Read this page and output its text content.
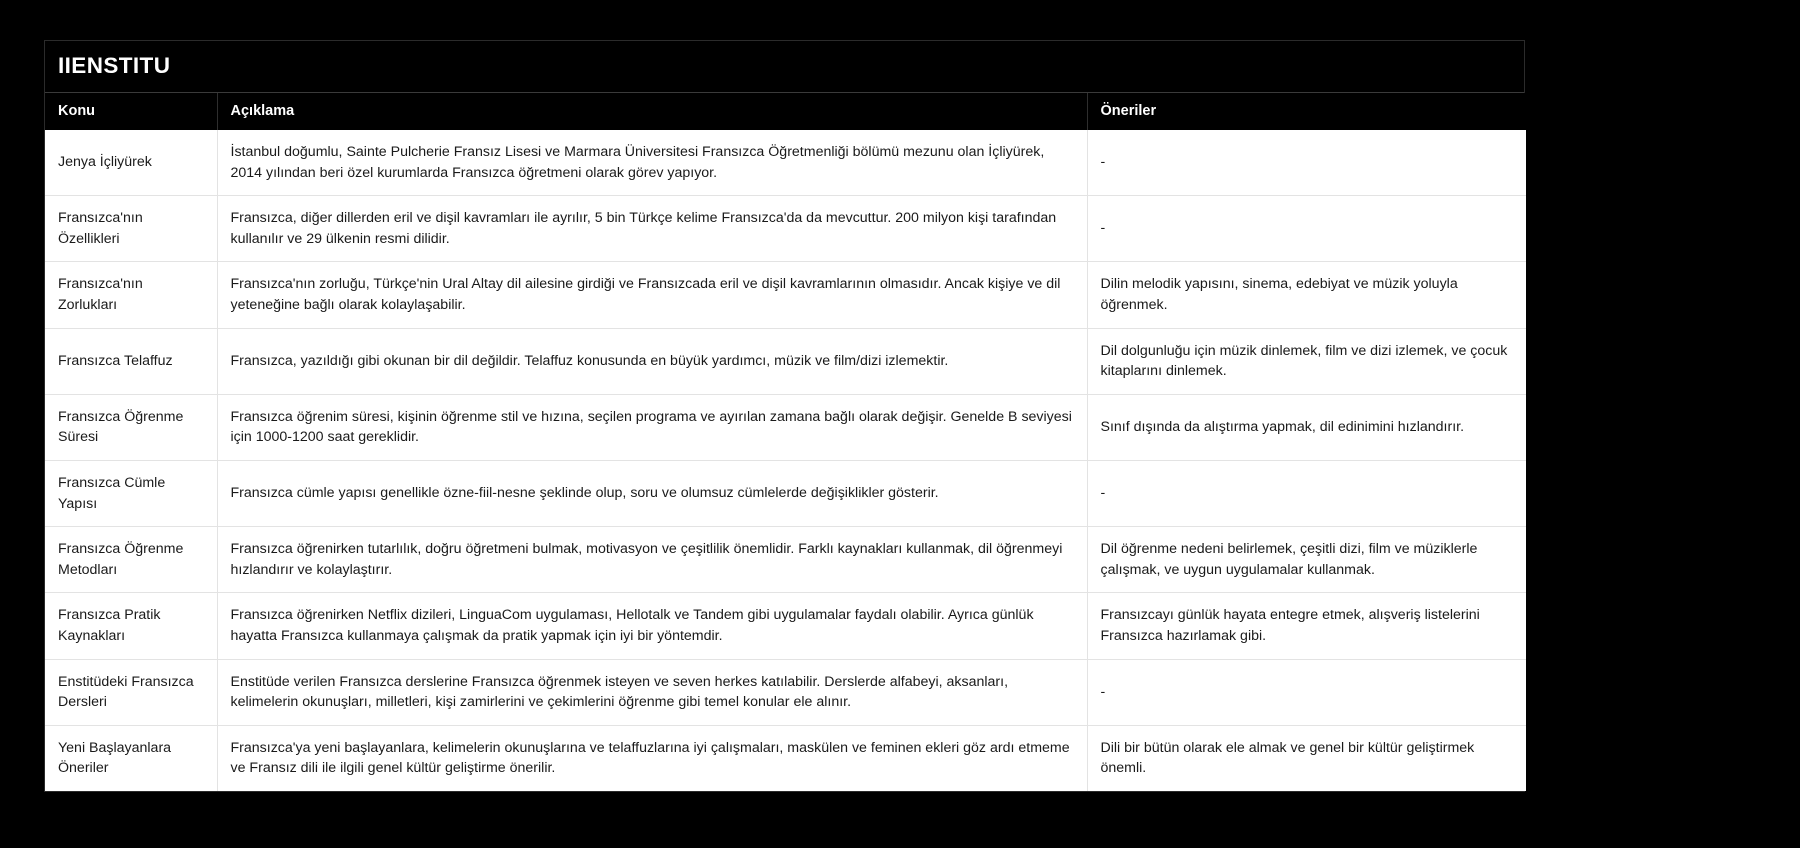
IIENSTITU
Konu	Açıklama	Öneriler
Jenya İçliyürek	İstanbul doğumlu, Sainte Pulcherie Fransız Lisesi ve Marmara Üniversitesi Fransızca Öğretmenliği bölümü mezunu olan İçliyürek, 2014 yılından beri özel kurumlarda Fransızca öğretmeni olarak görev yapıyor.	-
Fransızca'nın Özellikleri	Fransızca, diğer dillerden eril ve dişil kavramları ile ayrılır, 5 bin Türkçe kelime Fransızca'da da mevcuttur. 200 milyon kişi tarafından kullanılır ve 29 ülkenin resmi dilidir.	-
Fransızca'nın Zorlukları	Fransızca'nın zorluğu, Türkçe'nin Ural Altay dil ailesine girdiği ve Fransızcada eril ve dişil kavramlarının olmasıdır. Ancak kişiye ve dil yeteneğine bağlı olarak kolaylaşabilir.	Dilin melodik yapısını, sinema, edebiyat ve müzik yoluyla öğrenmek.
Fransızca Telaffuz	Fransızca, yazıldığı gibi okunan bir dil değildir. Telaffuz konusunda en büyük yardımcı, müzik ve film/dizi izlemektir.	Dil dolgunluğu için müzik dinlemek, film ve dizi izlemek, ve çocuk kitaplarını dinlemek.
Fransızca Öğrenme Süresi	Fransızca öğrenim süresi, kişinin öğrenme stil ve hızına, seçilen programa ve ayırılan zamana bağlı olarak değişir. Genelde B seviyesi için 1000-1200 saat gereklidir.	Sınıf dışında da alıştırma yapmak, dil edinimini hızlandırır.
Fransızca Cümle Yapısı	Fransızca cümle yapısı genellikle özne-fiil-nesne şeklinde olup, soru ve olumsuz cümlelerde değişiklikler gösterir.	-
Fransızca Öğrenme Metodları	Fransızca öğrenirken tutarlılık, doğru öğretmeni bulmak, motivasyon ve çeşitlilik önemlidir. Farklı kaynakları kullanmak, dil öğrenmeyi hızlandırır ve kolaylaştırır.	Dil öğrenme nedeni belirlemek, çeşitli dizi, film ve müziklerle çalışmak, ve uygun uygulamalar kullanmak.
Fransızca Pratik Kaynakları	Fransızca öğrenirken Netflix dizileri, LinguaCom uygulaması, Hellotalk ve Tandem gibi uygulamalar faydalı olabilir. Ayrıca günlük hayatta Fransızca kullanmaya çalışmak da pratik yapmak için iyi bir yöntemdir.	Fransızcayı günlük hayata entegre etmek, alışveriş listelerini Fransızca hazırlamak gibi.
Enstitüdeki Fransızca Dersleri	Enstitüde verilen Fransızca derslerine Fransızca öğrenmek isteyen ve seven herkes katılabilir. Derslerde alfabeyi, aksanları, kelimelerin okunuşları, milletleri, kişi zamirlerini ve çekimlerini öğrenme gibi temel konular ele alınır.	-
Yeni Başlayanlara Öneriler	Fransızca'ya yeni başlayanlara, kelimelerin okunuşlarına ve telaffuzlarına iyi çalışmaları, maskülen ve feminen ekleri göz ardı etmeme ve Fransız dili ile ilgili genel kültür geliştirme önerilir.	Dili bir bütün olarak ele almak ve genel bir kültür geliştirmek önemli.
